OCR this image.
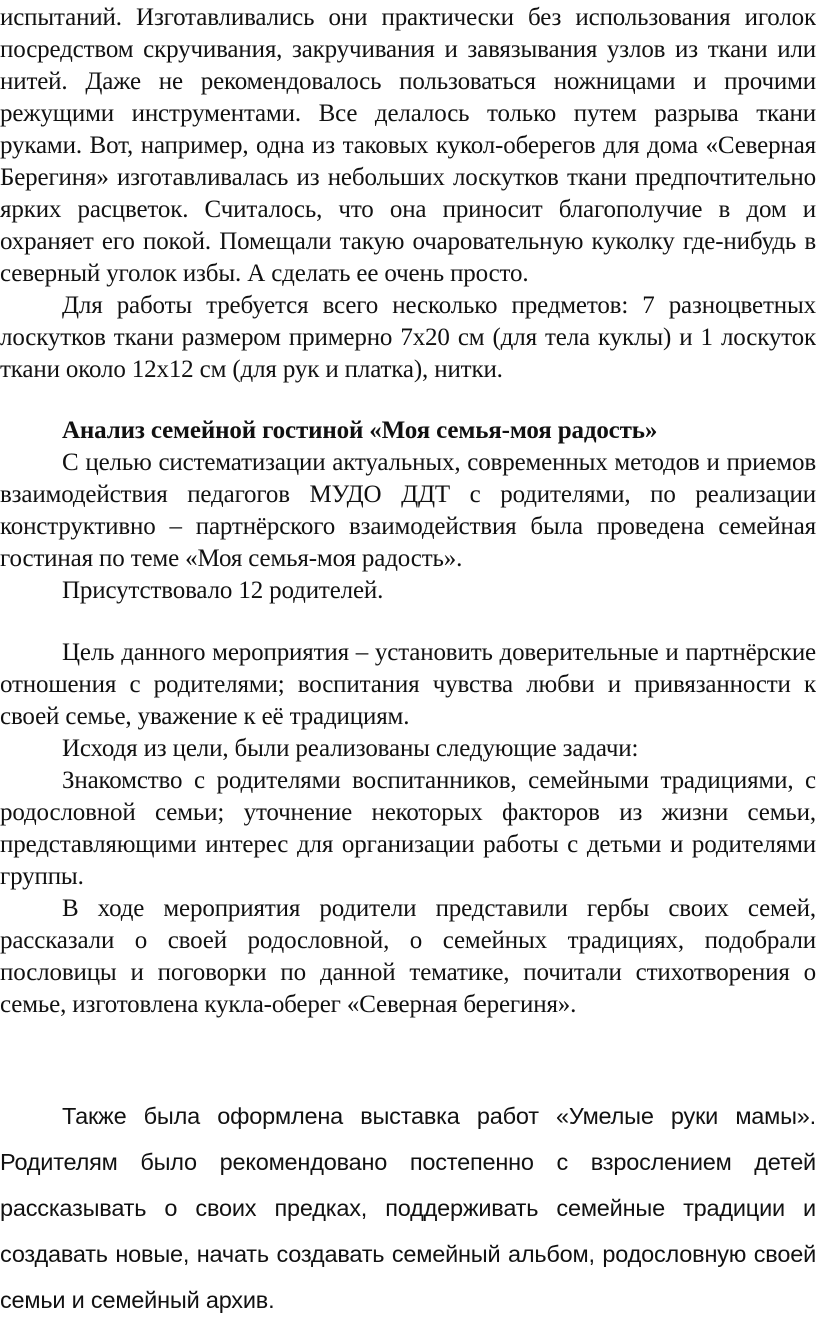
испытаний. Изготавливались они практически без использования иголок посредством скручивания, закручивания и завязывания узлов из ткани или нитей. Даже не рекомендовалось пользоваться ножницами и прочими режущими инструментами. Все делалось только путем разрыва ткани руками. Вот, например, одна из таковых кукол-оберегов для дома «Северная Берегиня» изготавливалась из небольших лоскутков ткани предпочтительно ярких расцветок. Считалось, что она приносит благополучие в дом и охраняет его покой. Помещали такую очаровательную куколку где-нибудь в северный уголок избы. А сделать ее очень просто.

Для работы требуется всего несколько предметов: 7 разноцветных лоскутков ткани размером примерно 7х20 см (для тела куклы) и 1 лоскуток ткани около 12х12 см (для рук и платка), нитки.

Анализ семейной гостиной «Моя семья-моя радость»

С целью систематизации актуальных, современных методов и приемов взаимодействия педагогов МУДО ДДТ с родителями, по реализации конструктивно – партнёрского взаимодействия была проведена семейная гостиная по теме «Моя семья-моя радость».

Присутствовало 12 родителей.

Цель данного мероприятия – установить доверительные и партнёрские отношения с родителями; воспитания чувства любви и привязанности к своей семье, уважение к её традициям.

Исходя из цели, были реализованы следующие задачи:

Знакомство с родителями воспитанников, семейными традициями, с родословной семьи; уточнение некоторых факторов из жизни семьи, представляющими интерес для организации работы с детьми и родителями группы.

В ходе мероприятия родители представили гербы своих семей, рассказали о своей родословной, о семейных традициях, подобрали пословицы и поговорки по данной тематике, почитали стихотворения о семье, изготовлена кукла-оберег «Северная берегиня».

Также была оформлена выставка работ «Умелые руки мамы». Родителям было рекомендовано постепенно с взрослением детей рассказывать о своих предках, поддерживать семейные традиции и создавать новые, начать создавать семейный альбом, родословную своей семьи и семейный архив.
